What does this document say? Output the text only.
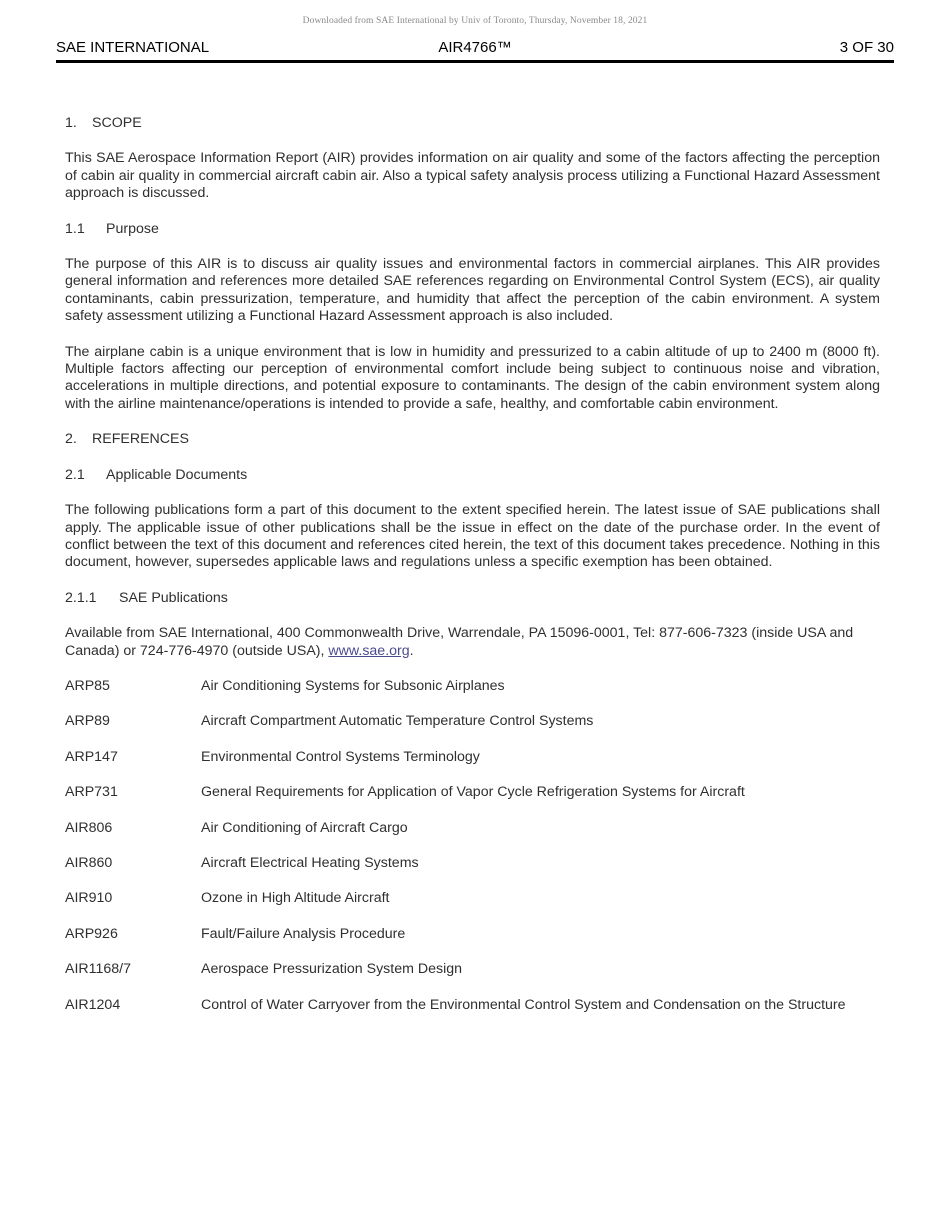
Downloaded from SAE International by Univ of Toronto, Thursday, November 18, 2021
AIR4766™
SAE INTERNATIONAL	3 OF 30
1. SCOPE

This SAE Aerospace Information Report (AIR) provides information on air quality and some of the factors affecting the perception of cabin air quality in commercial aircraft cabin air. Also a typical safety analysis process utilizing a Functional Hazard Assessment approach is discussed.

1.1 Purpose

The purpose of this AIR is to discuss air quality issues and environmental factors in commercial airplanes. This AIR provides general information and references more detailed SAE references regarding on Environmental Control System (ECS), air quality contaminants, cabin pressurization, temperature, and humidity that affect the perception of the cabin environment. A system safety assessment utilizing a Functional Hazard Assessment approach is also included.

The airplane cabin is a unique environment that is low in humidity and pressurized to a cabin altitude of up to 2400 m (8000 ft). Multiple factors affecting our perception of environmental comfort include being subject to continuous noise and vibration, accelerations in multiple directions, and potential exposure to contaminants. The design of the cabin environment system along with the airline maintenance/operations is intended to provide a safe, healthy, and comfortable cabin environment.

2. REFERENCES
2.1 Applicable Documents

The following publications form a part of this document to the extent specified herein. The latest issue of SAE publications shall apply. The applicable issue of other publications shall be the issue in effect on the date of the purchase order. In the event of conflict between the text of this document and references cited herein, the text of this document takes precedence. Nothing in this document, however, supersedes applicable laws and regulations unless a specific exemption has been obtained.

2.1.1 SAE Publications

Available from SAE International, 400 Commonwealth Drive, Warrendale, PA 15096-0001, Tel: 877-606-7323 (inside USA and Canada) or 724-776-4970 (outside USA), www.sae.org.

ARP85	Air Conditioning Systems for Subsonic Airplanes
ARP89	Aircraft Compartment Automatic Temperature Control Systems
ARP147	Environmental Control Systems Terminology
ARP731	General Requirements for Application of Vapor Cycle Refrigeration Systems for Aircraft
AIR806	Air Conditioning of Aircraft Cargo
AIR860	Aircraft Electrical Heating Systems
AIR910	Ozone in High Altitude Aircraft
ARP926	Fault/Failure Analysis Procedure
AIR1168/7	Aerospace Pressurization System Design
AIR1204	Control of Water Carryover from the Environmental Control System and Condensation on the Structure
